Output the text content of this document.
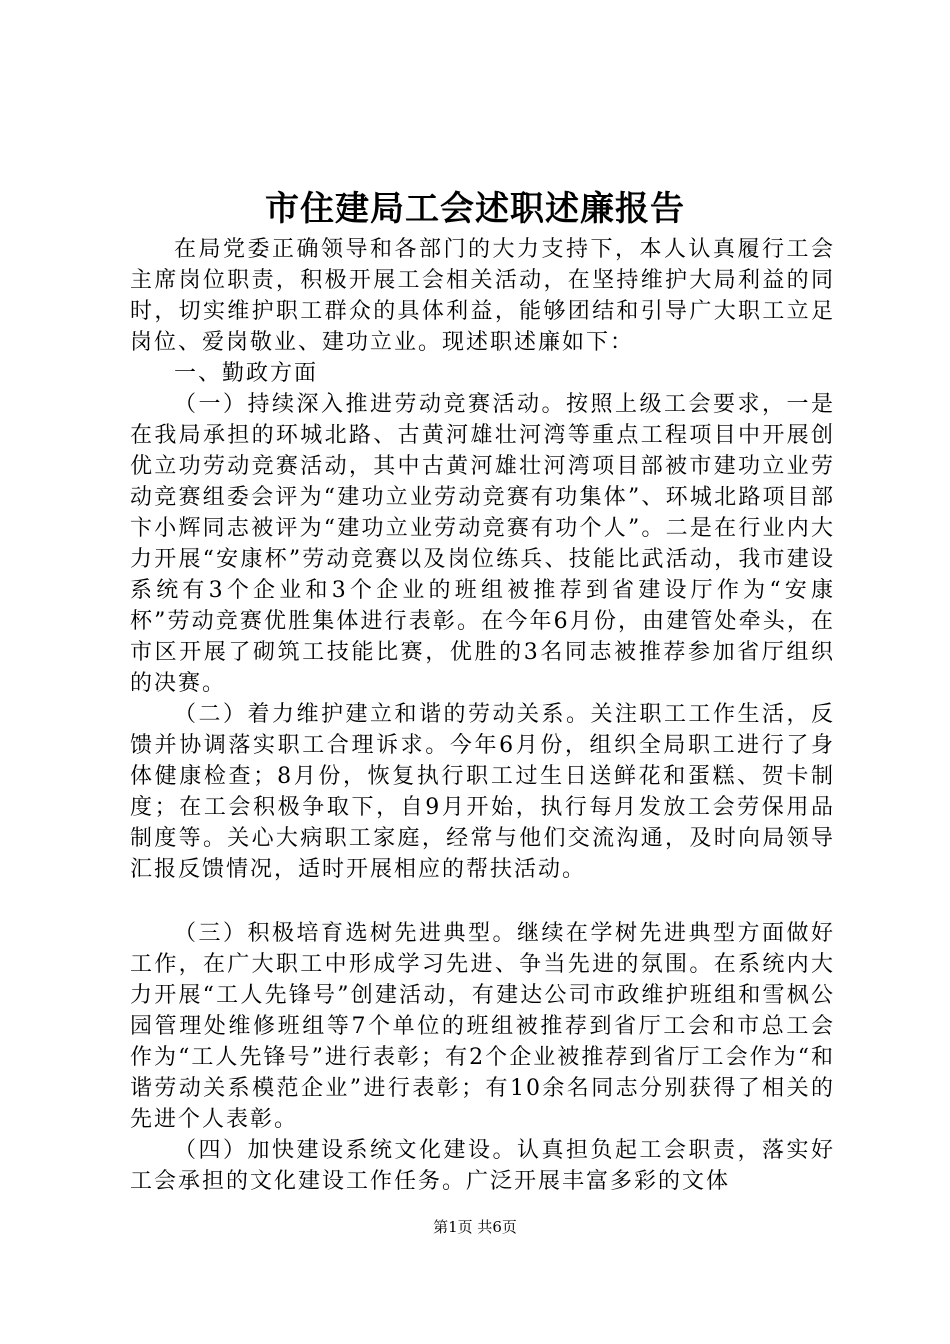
市住建局工会述职述廉报告

在局党委正确领导和各部门的大力支持下，本人认真履行工会主席岗位职责，积极开展工会相关活动，在坚持维护大局利益的同时，切实维护职工群众的具体利益，能够团结和引导广大职工立足岗位、爱岗敬业、建功立业。现述职述廉如下：

一、勤政方面

（一）持续深入推进劳动竞赛活动。按照上级工会要求，一是在我局承担的环城北路、古黄河雄壮河湾等重点工程项目中开展创优立功劳动竞赛活动，其中古黄河雄壮河湾项目部被市建功立业劳动竞赛组委会评为“建功立业劳动竞赛有功集体”、环城北路项目部卞小辉同志被评为“建功立业劳动竞赛有功个人”。二是在行业内大力开展“安康杯”劳动竞赛以及岗位练兵、技能比武活动，我市建设系统有3个企业和3个企业的班组被推荐到省建设厅作为“安康杯”劳动竞赛优胜集体进行表彰。在今年6月份，由建管处牵头，在市区开展了砌筑工技能比赛，优胜的3名同志被推荐参加省厅组织的决赛。

（二）着力维护建立和谐的劳动关系。关注职工工作生活，反馈并协调落实职工合理诉求。今年6月份，组织全局职工进行了身体健康检查；8月份，恢复执行职工过生日送鲜花和蛋糕、贺卡制度；在工会积极争取下，自9月开始，执行每月发放工会劳保用品制度等。关心大病职工家庭，经常与他们交流沟通，及时向局领导汇报反馈情况，适时开展相应的帮扶活动。

（三）积极培育选树先进典型。继续在学树先进典型方面做好工作，在广大职工中形成学习先进、争当先进的氛围。在系统内大力开展“工人先锋号”创建活动，有建达公司市政维护班组和雪枫公园管理处维修班组等7个单位的班组被推荐到省厅工会和市总工会作为“工人先锋号”进行表彰；有2个企业被推荐到省厅工会作为“和谐劳动关系模范企业”进行表彰；有10余名同志分别获得了相关的先进个人表彰。

（四）加快建设系统文化建设。认真担负起工会职责，落实好工会承担的文化建设工作任务。广泛开展丰富多彩的文体

第1页 共6页
